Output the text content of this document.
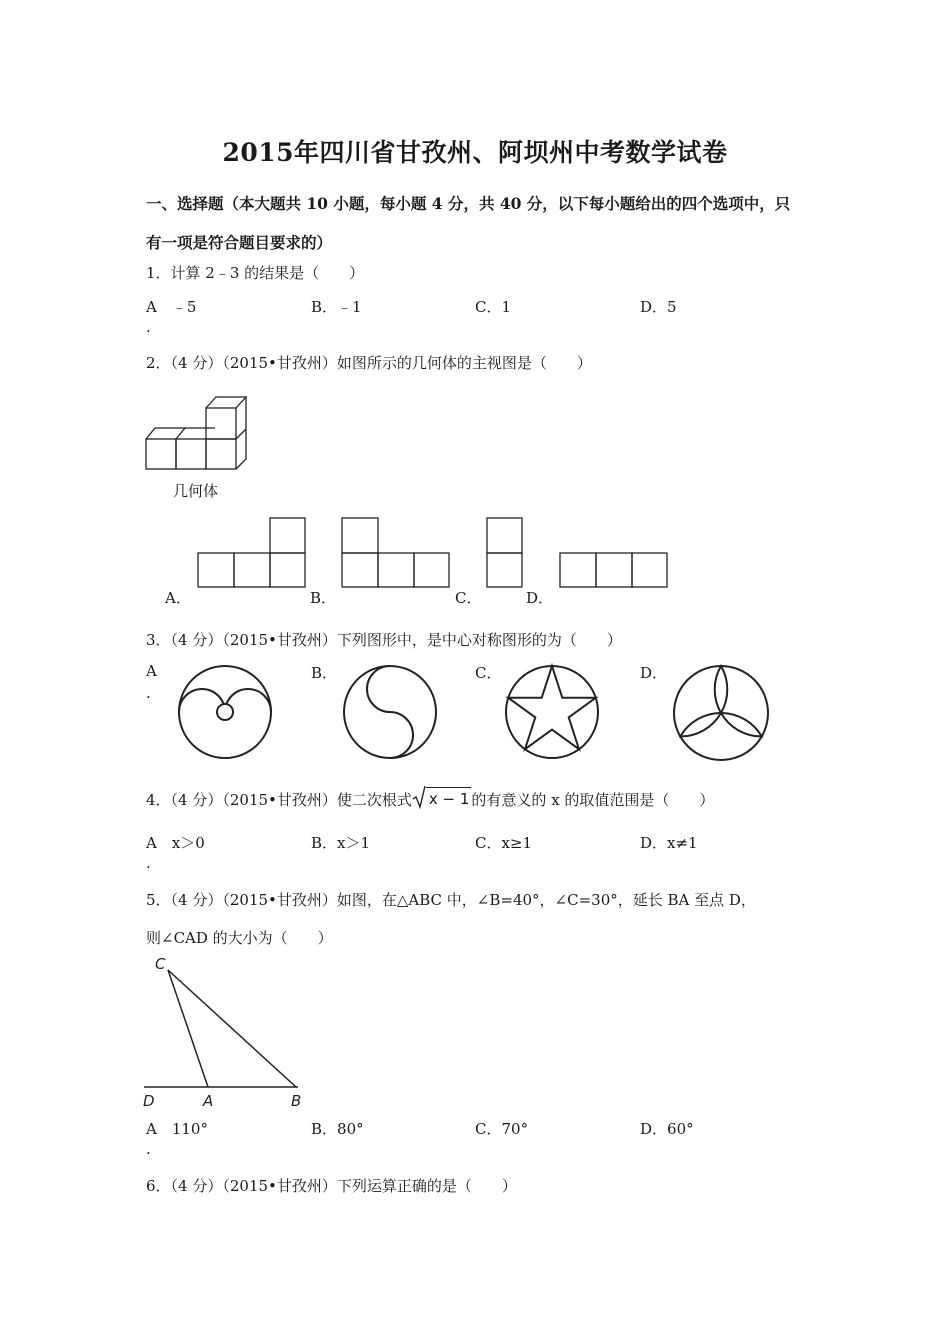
2015年四川省甘孜州、阿坝州中考数学试卷
一、选择题（本大题共 10 小题，每小题 4 分，共 40 分，以下每小题给出的四个选项中，只
有一项是符合题目要求的）
1．计算 2﹣3 的结果是（　　）
A　﹣5
.
B．﹣1	C．1	D．5
2．（4 分）（2015•甘孜州）如图所示的几何体的主视图是（　　）
几何体
A．	B．	C．	D．
3．（4 分）（2015•甘孜州）下列图形中，是中心对称图形的为（　　）
A
.
B．	C．	D．
4．（4 分）（2015•甘孜州）使二次根式 x − 1 的有意义的 x 的取值范围是（　　）
A　x＞0
.
B．x＞1	C．x≥1	D．x≠1
5．（4 分）（2015•甘孜州）如图，在△ABC 中，∠B=40°，∠C=30°，延长 BA 至点 D，
则∠CAD 的大小为（　　）
C
D	A	B
A　110°
.
B．80°	C．70°	D．60°
6．（4 分）（2015•甘孜州）下列运算正确的是（　　）
